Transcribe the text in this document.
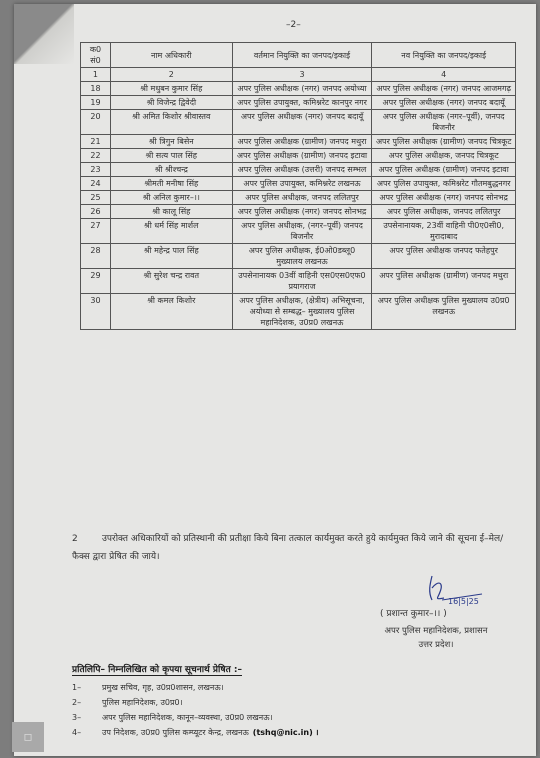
–2–
क0 सं0	नाम अधिकारी	वर्तमान नियुक्ति का जनपद/इकाई	नव नियुक्ति का जनपद/इकाई
1	2	3	4
18	श्री मधुबन कुमार सिंह	अपर पुलिस अधीक्षक (नगर) जनपद अयोध्या	अपर पुलिस अधीक्षक (नगर) जनपद आजमगढ़
19	श्री विजेन्द्र द्विवेदी	अपर पुलिस उपायुक्त, कमिश्नरेट कानपुर नगर	अपर पुलिस अधीक्षक (नगर) जनपद बदायूँ
20	श्री अमित किशोर श्रीवास्तव	अपर पुलिस अधीक्षक (नगर) जनपद बदायूँ	अपर पुलिस अधीक्षक (नगर–पूर्वी), जनपद बिजनौर
21	श्री त्रिगुन बिसेन	अपर पुलिस अधीक्षक (ग्रामीण) जनपद मथुरा	अपर पुलिस अधीक्षक (ग्रामीण) जनपद चित्रकूट
22	श्री सत्य पाल सिंह	अपर पुलिस अधीक्षक (ग्रामीण) जनपद इटावा	अपर पुलिस अधीक्षक, जनपद चित्रकूट
23	श्री श्रीश्चन्द्र	अपर पुलिस अधीक्षक (उत्तरी) जनपद सम्भल	अपर पुलिस अधीक्षक (ग्रामीण) जनपद इटावा
24	श्रीमती मनीषा सिंह	अपर पुलिस उपायुक्त, कमिश्नरेट लखनऊ	अपर पुलिस उपायुक्त, कमिश्नरेट गौतमबुद्धनगर
25	श्री अनिल कुमार–।।	अपर पुलिस अधीक्षक, जनपद ललितपुर	अपर पुलिस अधीक्षक (नगर) जनपद सोनभद्र
26	श्री कालू सिंह	अपर पुलिस अधीक्षक (नगर) जनपद सोनभद्र	अपर पुलिस अधीक्षक, जनपद ललितपुर
27	श्री धर्म सिंह मार्शल	अपर पुलिस अधीक्षक, (नगर–पूर्वी) जनपद बिजनौर	उपसेनानायक, 23वीं वाहिनी पी0ए0सी0, मुरादाबाद
28	श्री महेन्द्र पाल सिंह	अपर पुलिस अधीक्षक, ई0ओ0डब्लू0 मुख्यालय लखनऊ	अपर पुलिस अधीक्षक जनपद फतेहपुर
29	श्री सुरेश चन्द्र रावत	उपसेनानायक 03वीं वाहिनी एस0एस0एफ0 प्रयागराज	अपर पुलिस अधीक्षक (ग्रामीण) जनपद मथुरा
30	श्री कमल किशोर	अपर पुलिस अधीक्षक, (क्षेत्रीय) अभिसूचना, अयोध्या से सम्बद्ध– मुख्यालय पुलिस महानिदेशक, उ0प्र0 लखनऊ	अपर पुलिस अधीक्षक पुलिस मुख्यालय उ0प्र0 लखनऊ
2	उपरोक्त अधिकारियों को प्रतिस्थानी की प्रतीक्षा किये बिना तत्काल कार्यमुक्त करते हुये कार्यमुक्त किये जाने की सूचना ई–मेल/फैक्स द्वारा प्रेषित की जाये।
16|5|25
( प्रशान्त कुमार–।। )
अपर पुलिस महानिदेशक, प्रशासन
उत्तर प्रदेश।
प्रतिलिपि– निम्नलिखित को कृपया सूचनार्थ प्रेषित :–
1–	प्रमुख सचिव, गृह, उ0प्र0शासन, लखनऊ।
2–	पुलिस महानिदेशक, उ0प्र0।
3–	अपर पुलिस महानिदेशक, कानून–व्यवस्था, उ0प्र0 लखनऊ।
4–	उप निदेशक, उ0प्र0 पुलिस कम्प्यूटर केन्द्र, लखनऊ (tshq@nic.in) ।
▫
